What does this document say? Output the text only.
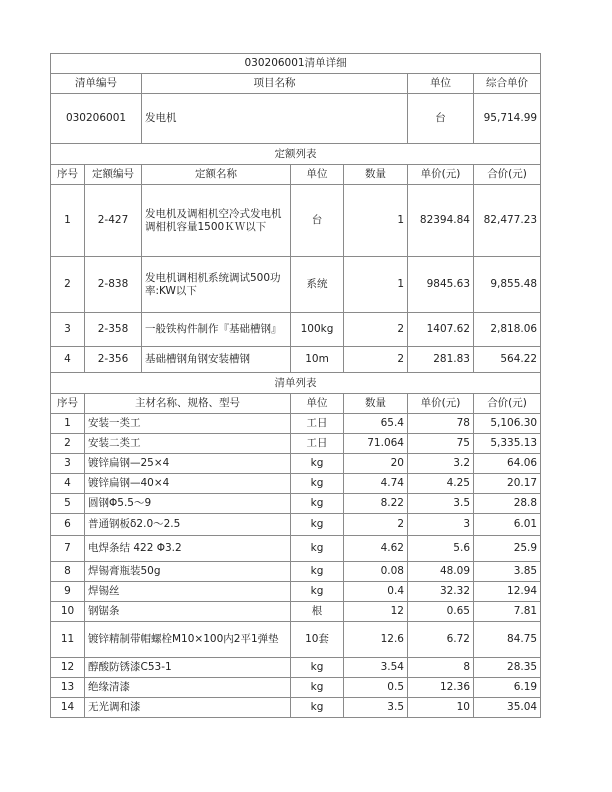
030206001清单详细						
清单编号		项目名称			单位	综合单价
030206001		发电机			台	95,714.99
定额列表						
序号	定额编号	定额名称	单位	数量	单价(元)	合价(元)
1	2-427	发电机及调相机空冷式发电机调相机容量1500ＫＷ以下	台	1	82394.84	82,477.23
2	2-838	发电机调相机系统调试500功率:KW以下	系统	1	9845.63	9,855.48
3	2-358	一般铁构件制作『基础槽钢』	100kg	2	1407.62	2,818.06
4	2-356	基础槽钢角钢安装槽钢	10m	2	281.83	564.22
清单列表						
序号	主材名称、规格、型号		单位	数量	单价(元)	合价(元)
1	安装一类工		工日	65.4	78	5,106.30
2	安装二类工		工日	71.064	75	5,335.13
3	镀锌扁钢—25×4		kg	20	3.2	64.06
4	镀锌扁钢—40×4		kg	4.74	4.25	20.17
5	圆钢Φ5.5～9		kg	8.22	3.5	28.8
6	普通钢板δ2.0～2.5		kg	2	3	6.01
7	电焊条结 422 Φ3.2		kg	4.62	5.6	25.9
8	焊锡膏瓶装50g		kg	0.08	48.09	3.85
9	焊锡丝		kg	0.4	32.32	12.94
10	钢锯条		根	12	0.65	7.81
11	镀锌精制带帽螺栓M10×100内2平1弹垫		10套	12.6	6.72	84.75
12	醇酸防锈漆C53-1		kg	3.54	8	28.35
13	绝缘清漆		kg	0.5	12.36	6.19
14	无光调和漆		kg	3.5	10	35.04
